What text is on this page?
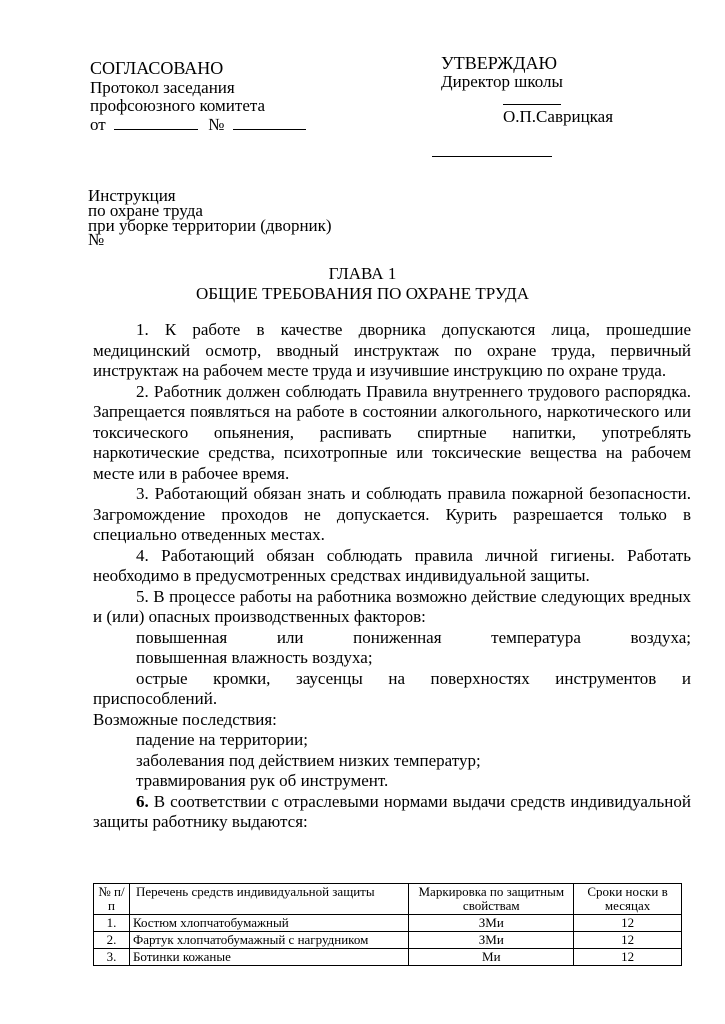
СОГЛАСОВАНО
Протокол заседания
профсоюзного комитета
от	№
УТВЕРЖДАЮ
Директор школы
О.П.Саврицкая
Инструкция
по охране труда
при уборке территории (дворник)
№
ГЛАВА 1
ОБЩИЕ ТРЕБОВАНИЯ ПО ОХРАНЕ ТРУДА

1. К работе в качестве дворника допускаются лица, прошедшие медицинский осмотр, вводный инструктаж по охране труда, первичный инструктаж на рабочем месте труда и изучившие инструкцию по охране труда.

2. Работник должен соблюдать Правила внутреннего трудового распорядка. Запрещается появляться на работе в состоянии алкогольного, наркотического или токсического опьянения, распивать спиртные напитки, употреблять наркотические средства, психотропные или токсические вещества на рабочем месте или в рабочее время.

3. Работающий обязан знать и соблюдать правила пожарной безопасности. Загромождение проходов не допускается. Курить разрешается только в специально отведенных местах.

4. Работающий обязан соблюдать правила личной гигиены. Работать необходимо в предусмотренных средствах индивидуальной защиты.

5. В процессе работы на работника возможно действие следующих вредных и (или) опасных производственных факторов:

повышенная или пониженная температура воздуха;

повышенная влажность воздуха;

острые кромки, заусенцы на поверхностях инструментов и приспособлений.

Возможные последствия:

падение на территории;

заболевания под действием низких температур;

травмирования рук об инструмент.

6. В соответствии с отраслевыми нормами выдачи средств индивидуальной защиты работнику выдаются:

№ п/п	Перечень средств индивидуальной защиты	Маркировка по защитным свойствам	Сроки носки в месяцах
1.	Костюм хлопчатобумажный	ЗМи	12
2.	Фартук хлопчатобумажный с нагрудником	ЗМи	12
3.	Ботинки кожаные	Ми	12
